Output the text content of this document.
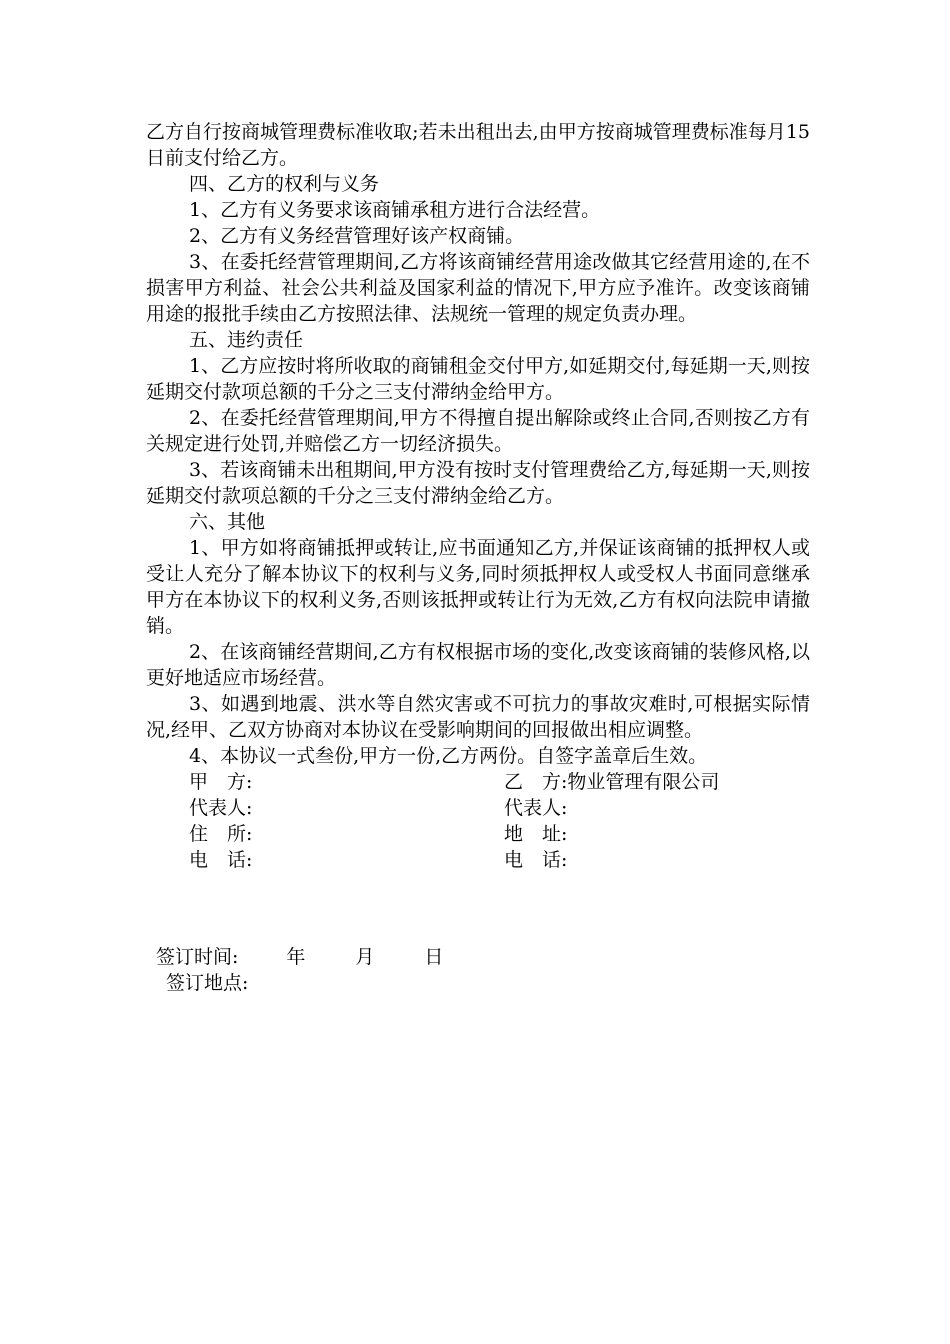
乙方自行按商城管理费标准收取;若未出租出去,由甲方按商城管理费标准每月15日前支付给乙方。

四、乙方的权利与义务

1、乙方有义务要求该商铺承租方进行合法经营。

2、乙方有义务经营管理好该产权商铺。

3、在委托经营管理期间,乙方将该商铺经营用途改做其它经营用途的,在不损害甲方利益、社会公共利益及国家利益的情况下,甲方应予准许。改变该商铺用途的报批手续由乙方按照法律、法规统一管理的规定负责办理。

五、违约责任

1、乙方应按时将所收取的商铺租金交付甲方,如延期交付,每延期一天,则按延期交付款项总额的千分之三支付滞纳金给甲方。

2、在委托经营管理期间,甲方不得擅自提出解除或终止合同,否则按乙方有关规定进行处罚,并赔偿乙方一切经济损失。

3、若该商铺未出租期间,甲方没有按时支付管理费给乙方,每延期一天,则按延期交付款项总额的千分之三支付滞纳金给乙方。

六、其他

1、甲方如将商铺抵押或转让,应书面通知乙方,并保证该商铺的抵押权人或受让人充分了解本协议下的权利与义务,同时须抵押权人或受权人书面同意继承甲方在本协议下的权利义务,否则该抵押或转让行为无效,乙方有权向法院申请撤销。

2、在该商铺经营期间,乙方有权根据市场的变化,改变该商铺的装修风格,以更好地适应市场经营。

3、如遇到地震、洪水等自然灾害或不可抗力的事故灾难时,可根据实际情况,经甲、乙双方协商对本协议在受影响期间的回报做出相应调整。

4、本协议一式叁份,甲方一份,乙方两份。自签字盖章后生效。

甲　方:	乙　方:物业管理有限公司
代表人:	代表人:
住　所:	地　址:
电　话:	电　话:
签订时间:	年	月	日
签订地点:
